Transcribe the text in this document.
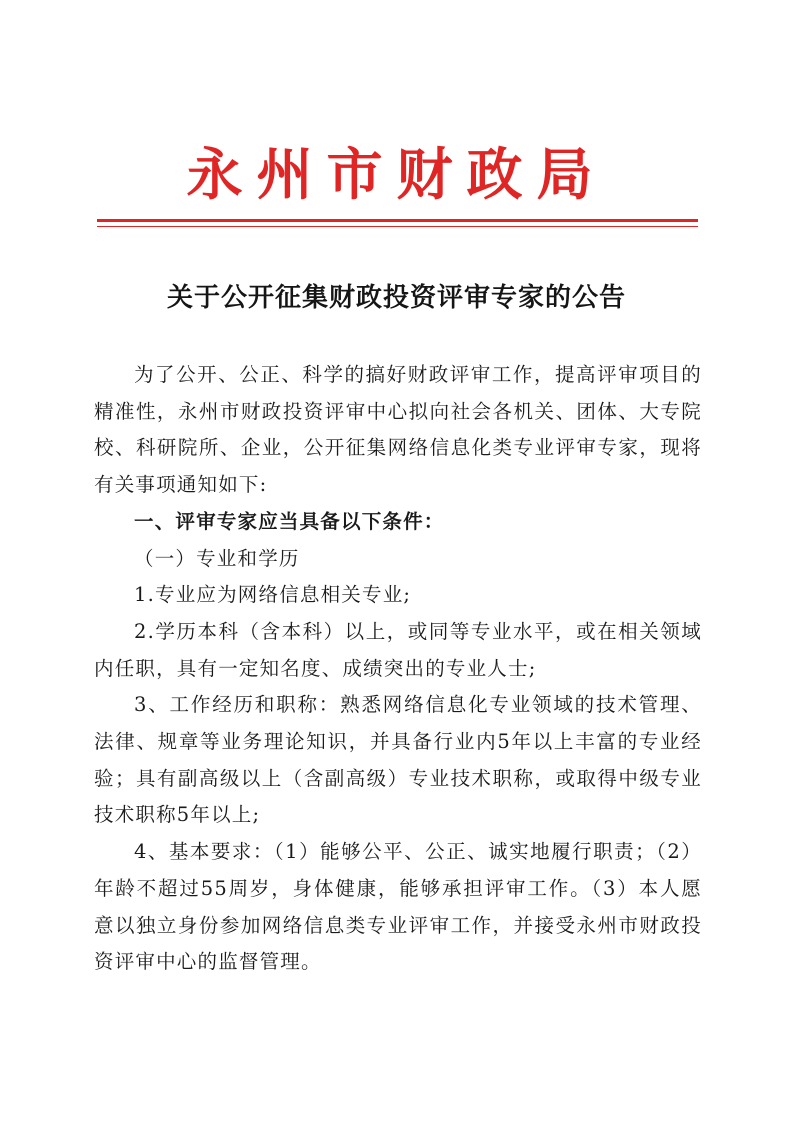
永州市财政局
关于公开征集财政投资评审专家的公告

为了公开、公正、科学的搞好财政评审工作，提高评审项目的精准性，永州市财政投资评审中心拟向社会各机关、团体、大专院校、科研院所、企业，公开征集网络信息化类专业评审专家，现将有关事项通知如下:

一、评审专家应当具备以下条件：

（一）专业和学历

1.专业应为网络信息相关专业;

2.学历本科（含本科）以上，或同等专业水平，或在相关领域内任职，具有一定知名度、成绩突出的专业人士;

3、工作经历和职称：熟悉网络信息化专业领域的技术管理、法律、规章等业务理论知识，并具备行业内5年以上丰富的专业经验；具有副高级以上（含副高级）专业技术职称，或取得中级专业技术职称5年以上;

4、基本要求：（1）能够公平、公正、诚实地履行职责；（2）年龄不超过55周岁，身体健康，能够承担评审工作。（3）本人愿意以独立身份参加网络信息类专业评审工作，并接受永州市财政投资评审中心的监督管理。
